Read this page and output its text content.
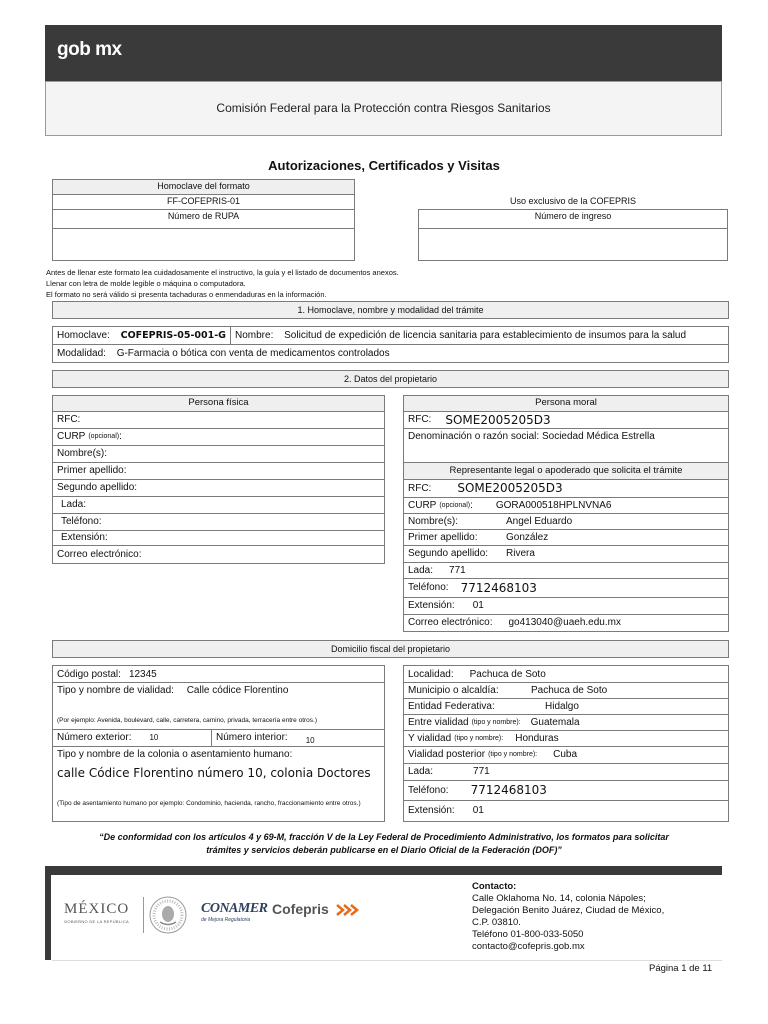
gob mx
Comisión Federal para la Protección contra Riesgos Sanitarios
Autorizaciones, Certificados y Visitas
Homoclave del formato
FF-COFEPRIS-01
Número de RUPA
Uso exclusivo de la COFEPRIS
Número de ingreso
Antes de llenar este formato lea cuidadosamente el instructivo, la guía y el listado de documentos anexos.
Llenar con letra de molde legible o máquina o computadora.
El formato no será válido si presenta tachaduras o enmendaduras en la información.
1. Homoclave, nombre y modalidad del trámite
Homoclave: COFEPRIS-05-001-G Nombre: Solicitud de expedición de licencia sanitaria para establecimiento de insumos para la salud
Modalidad: G-Farmacia o bótica con venta de medicamentos controlados
2. Datos del propietario
Persona física
RFC:
CURP (opcional) :
Nombre(s):
Primer apellido:
Segundo apellido:
Lada:
Teléfono:
Extensión:
Correo electrónico:
Persona moral
RFC: SOME2005205D3
Denominación o razón social: Sociedad Médica Estrella
Representante legal o apoderado que solicita el trámite
RFC: SOME2005205D3
CURP (opcional) : GORA000518HPLNVNA6
Nombre(s):	Angel Eduardo
Primer apellido:	González
Segundo apellido:	Rivera
Lada: 771
Teléfono: 7712468103
Extensión: 01
Correo electrónico: go413040@uaeh.edu.mx
Domicilio fiscal del propietario
Código postal: 12345
Tipo y nombre de vialidad: Calle códice Florentino
(Por ejemplo: Avenida, boulevard, calle, carretera, camino, privada, terracería entre otros.)
Número exterior: 10	Número interior: 10
Tipo y nombre de la colonia o asentamiento humano:
calle Códice Florentino número 10, colonia Doctores
(Tipo de asentamiento humano por ejemplo: Condominio, hacienda, rancho, fraccionamiento entre otros.)
Localidad: Pachuca de Soto
Municipio o alcaldía:	Pachuca de Soto
Entidad Federativa:	Hidalgo
Entre vialidad (tipo y nombre): Guatemala
Y vialidad (tipo y nombre): Honduras
Vialidad posterior (tipo y nombre): Cuba
Lada:	771
Teléfono: 7712468103
Extensión: 01
“De conformidad con los artículos 4 y 69-M, fracción V de la Ley Federal de Procedimiento Administrativo, los formatos para solicitar
trámites y servicios deberán publicarse en el Diario Oficial de la Federación (DOF)”
MÉXICO
GOBIERNO DE LA REPÚBLICA
CONAMER
de Mejora Regulatoria
Cofepris
Contacto:
Calle Oklahoma No. 14, colonia Nápoles;
Delegación Benito Juárez, Ciudad de México,
C.P. 03810.
Teléfono 01-800-033-5050
contacto@cofepris.gob.mx
Página 1 de 11
